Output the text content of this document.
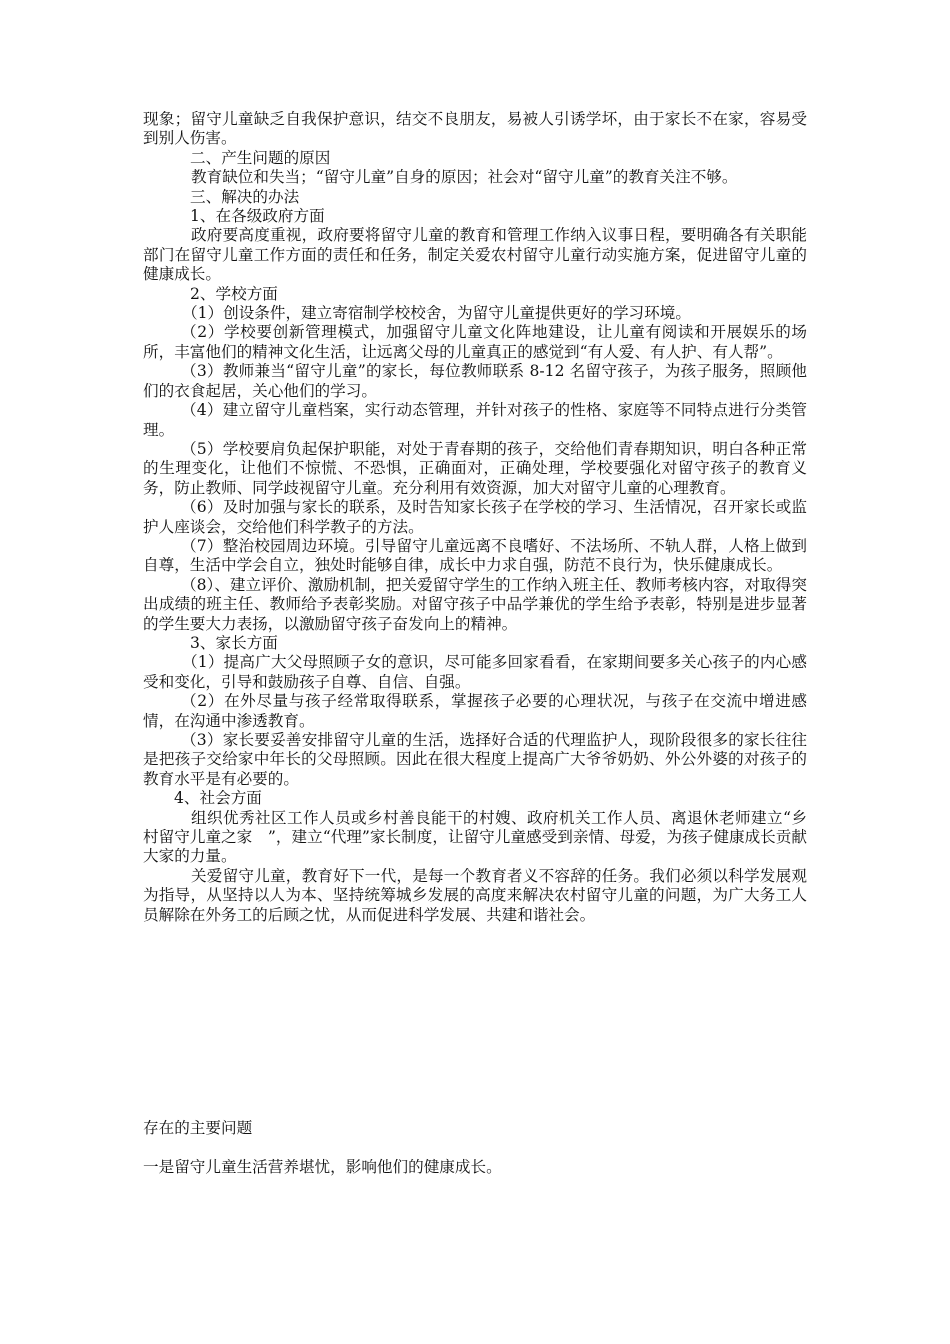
现象；留守儿童缺乏自我保护意识，结交不良朋友，易被人引诱学坏，由于家长不在家，容易受到别人伤害。

二、产生问题的原因

教育缺位和失当；“留守儿童”自身的原因；社会对“留守儿童”的教育关注不够。

三、解决的办法

1、在各级政府方面

政府要高度重视，政府要将留守儿童的教育和管理工作纳入议事日程，要明确各有关职能部门在留守儿童工作方面的责任和任务，制定关爱农村留守儿童行动实施方案，促进留守儿童的健康成长。

2、学校方面

（1）创设条件，建立寄宿制学校校舍，为留守儿童提供更好的学习环境。

（2）学校要创新管理模式，加强留守儿童文化阵地建设，让儿童有阅读和开展娱乐的场所，丰富他们的精神文化生活，让远离父母的儿童真正的感觉到“有人爱、有人护、有人帮”。

（3）教师兼当“留守儿童”的家长，每位教师联系 8-12 名留守孩子，为孩子服务，照顾他们的衣食起居，关心他们的学习。

（4）建立留守儿童档案，实行动态管理，并针对孩子的性格、家庭等不同特点进行分类管理。

（5）学校要肩负起保护职能，对处于青春期的孩子，交给他们青春期知识，明白各种正常的生理变化，让他们不惊慌、不恐惧，正确面对，正确处理，学校要强化对留守孩子的教育义务，防止教师、同学歧视留守儿童。充分利用有效资源，加大对留守儿童的心理教育。

（6）及时加强与家长的联系，及时告知家长孩子在学校的学习、生活情况，召开家长或监护人座谈会，交给他们科学教子的方法。

（7）整治校园周边环境。引导留守儿童远离不良嗜好、不法场所、不轨人群，人格上做到自尊，生活中学会自立，独处时能够自律，成长中力求自强，防范不良行为，快乐健康成长。

（8）、建立评价、激励机制，把关爱留守学生的工作纳入班主任、教师考核内容，对取得突出成绩的班主任、教师给予表彰奖励。对留守孩子中品学兼优的学生给予表彰，特别是进步显著的学生要大力表扬，以激励留守孩子奋发向上的精神。

3、家长方面

（1）提高广大父母照顾子女的意识，尽可能多回家看看，在家期间要多关心孩子的内心感受和变化，引导和鼓励孩子自尊、自信、自强。

（2）在外尽量与孩子经常取得联系，掌握孩子必要的心理状况，与孩子在交流中增进感情，在沟通中渗透教育。

（3）家长要妥善安排留守儿童的生活，选择好合适的代理监护人，现阶段很多的家长往往是把孩子交给家中年长的父母照顾。因此在很大程度上提高广大爷爷奶奶、外公外婆的对孩子的教育水平是有必要的。

4、社会方面

组织优秀社区工作人员或乡村善良能干的村嫂、政府机关工作人员、离退休老师建立“乡村留守儿童之家　”，建立“代理”家长制度，让留守儿童感受到亲情、母爱，为孩子健康成长贡献大家的力量。

关爱留守儿童，教育好下一代，是每一个教育者义不容辞的任务。我们必须以科学发展观为指导，从坚持以人为本、坚持统筹城乡发展的高度来解决农村留守儿童的问题，为广大务工人员解除在外务工的后顾之忧，从而促进科学发展、共建和谐社会。

存在的主要问题

一是留守儿童生活营养堪忧，影响他们的健康成长。
